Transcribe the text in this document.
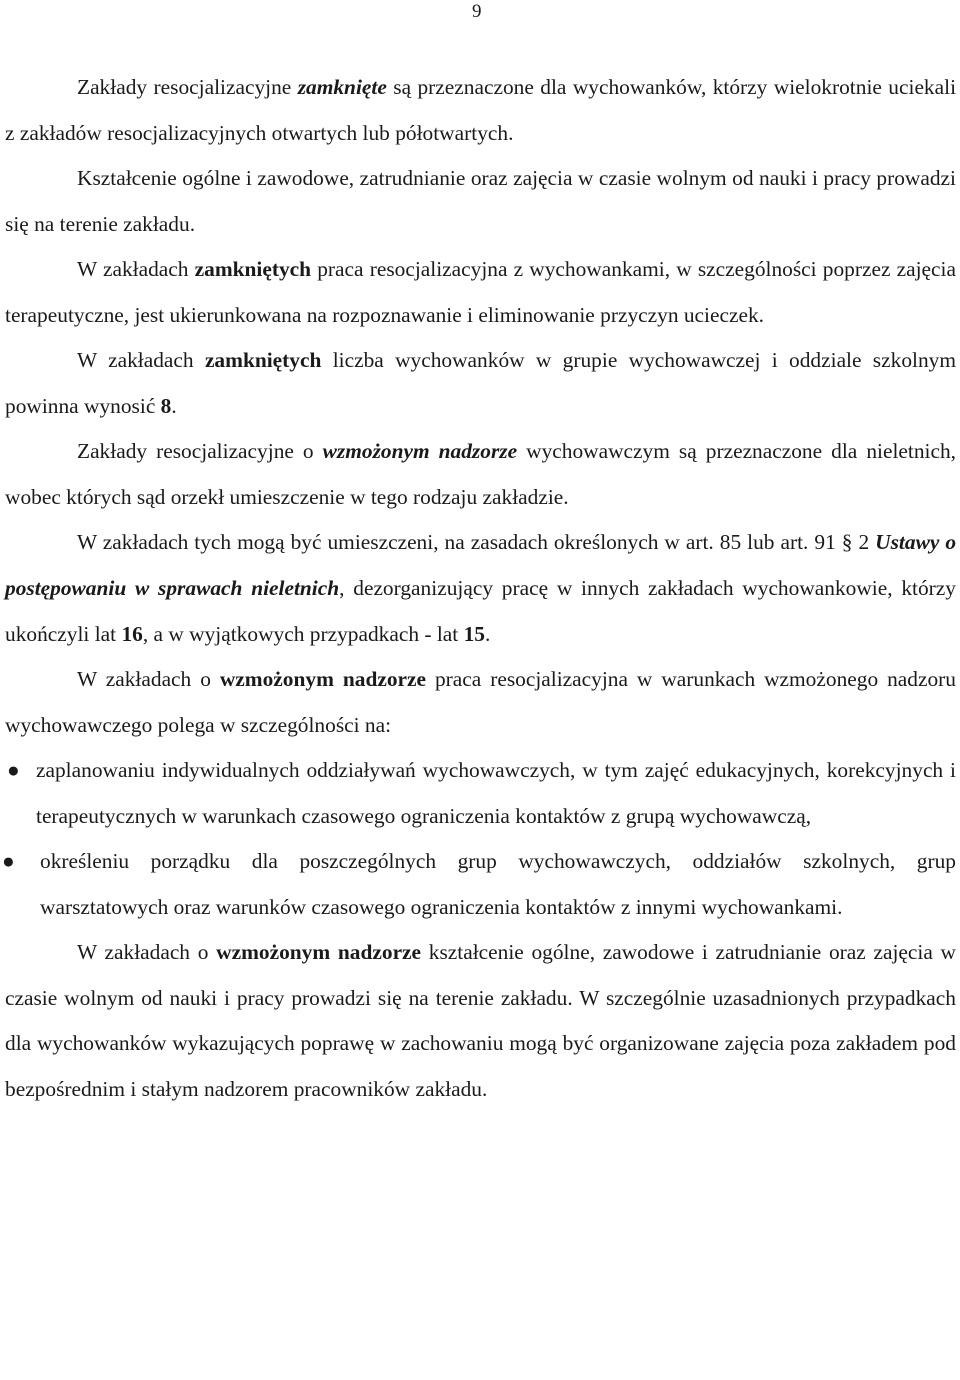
9

Zakłady resocjalizacyjne zamknięte są przeznaczone dla wychowanków, którzy wielokrotnie uciekali z zakładów resocjalizacyjnych otwartych lub półotwartych.

Kształcenie ogólne i zawodowe, zatrudnianie oraz zajęcia w czasie wolnym od nauki i pracy prowadzi się na terenie zakładu.

W zakładach zamkniętych praca resocjalizacyjna z wychowankami, w szczególności poprzez zajęcia terapeutyczne, jest ukierunkowana na rozpoznawanie i eliminowanie przyczyn ucieczek.

W zakładach zamkniętych liczba wychowanków w grupie wychowawczej i oddziale szkolnym powinna wynosić 8.

Zakłady resocjalizacyjne o wzmożonym nadzorze wychowawczym są przeznaczone dla nieletnich, wobec których sąd orzekł umieszczenie w tego rodzaju zakładzie.

W zakładach tych mogą być umieszczeni, na zasadach określonych w art. 85 lub art. 91 § 2 Ustawy o postępowaniu w sprawach nieletnich, dezorganizujący pracę w innych zakładach wychowankowie, którzy ukończyli lat 16, a w wyjątkowych przypadkach - lat 15.

W zakładach o wzmożonym nadzorze praca resocjalizacyjna w warunkach wzmożonego nadzoru wychowawczego polega w szczególności na:

● zaplanowaniu indywidualnych oddziaływań wychowawczych, w tym zajęć edukacyjnych, korekcyjnych i terapeutycznych w warunkach czasowego ograniczenia kontaktów z grupą wychowawczą,
● określeniu porządku dla poszczególnych grup wychowawczych, oddziałów szkolnych, grup warsztatowych oraz warunków czasowego ograniczenia kontaktów z innymi wychowankami.

W zakładach o wzmożonym nadzorze kształcenie ogólne, zawodowe i zatrudnianie oraz zajęcia w czasie wolnym od nauki i pracy prowadzi się na terenie zakładu. W szczególnie uzasadnionych przypadkach dla wychowanków wykazujących poprawę w zachowaniu mogą być organizowane zajęcia poza zakładem pod bezpośrednim i stałym nadzorem pracowników zakładu.
